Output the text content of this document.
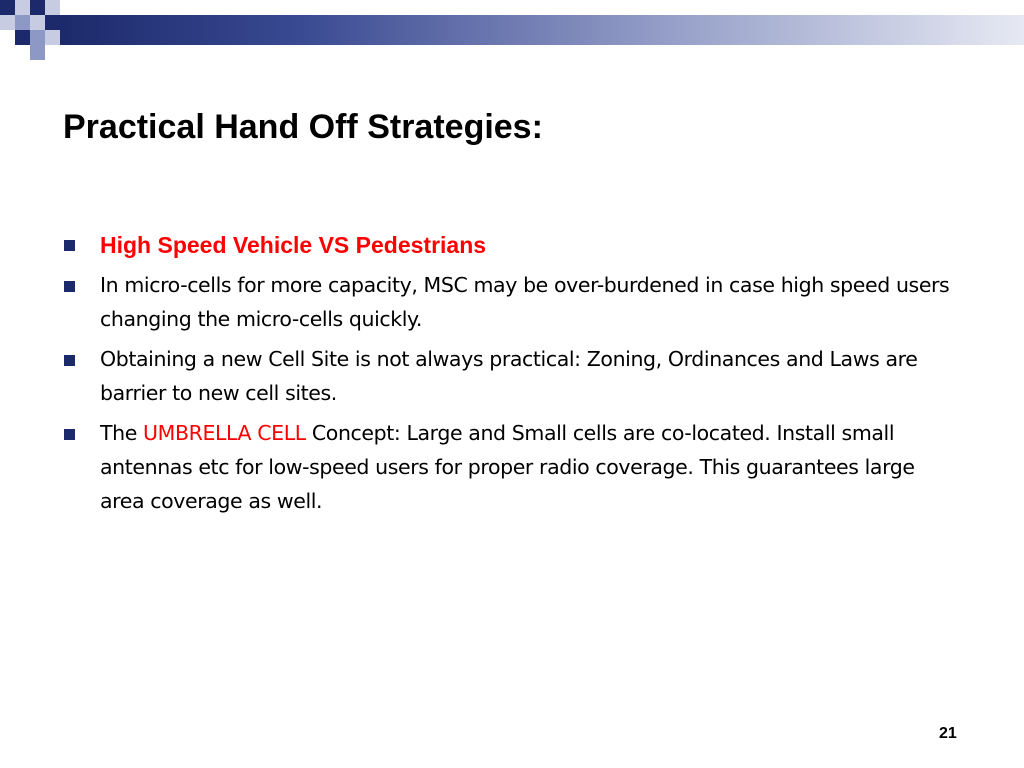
Practical Hand Off Strategies:
High Speed Vehicle VS Pedestrians
In micro-cells for more capacity, MSC may be over-burdened in case high speed users changing the micro-cells quickly.
Obtaining a new Cell Site is not always practical: Zoning, Ordinances and Laws are barrier to new cell sites.
The UMBRELLA CELL Concept: Large and Small cells are co-located. Install small antennas etc for low-speed users for proper radio coverage. This guarantees large area coverage as well.
21
